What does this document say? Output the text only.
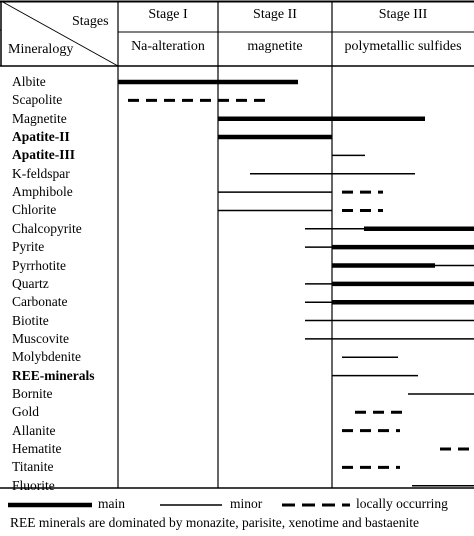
Stages
Mineralogy
Stage I	Stage II	Stage III
Na-alteration	magnetite	polymetallic sulfides
Albite
Scapolite
Magnetite
Apatite-II
Apatite-III
K-feldspar
Amphibole
Chlorite
Chalcopyrite
Pyrite
Pyrrhotite
Quartz
Carbonate
Biotite
Muscovite
Molybdenite
REE-minerals
Bornite
Gold
Allanite
Hematite
Titanite
Fluorite
main	minor	locally occurring
REE minerals are dominated by monazite, parisite, xenotime and bastaenite
